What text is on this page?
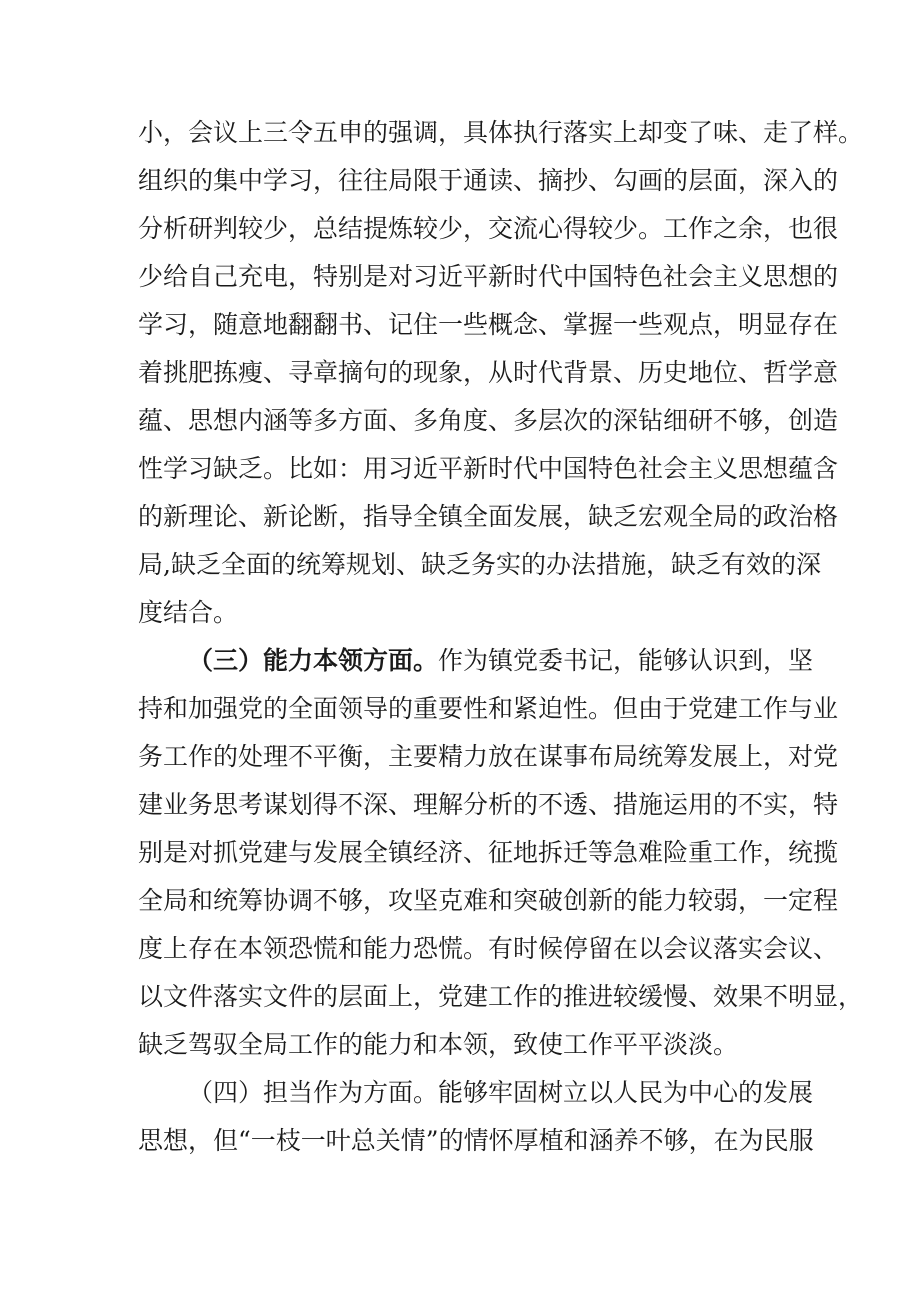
小，会议上三令五申的强调，具体执行落实上却变了味、走了样。
组织的集中学习，往往局限于通读、摘抄、勾画的层面，深入的
分析研判较少，总结提炼较少，交流心得较少。工作之余，也很
少给自己充电，特别是对习近平新时代中国特色社会主义思想的
学习，随意地翻翻书、记住一些概念、掌握一些观点，明显存在
着挑肥拣瘦、寻章摘句的现象，从时代背景、历史地位、哲学意
蕴、思想内涵等多方面、多角度、多层次的深钻细研不够，创造
性学习缺乏。比如：用习近平新时代中国特色社会主义思想蕴含
的新理论、新论断，指导全镇全面发展，缺乏宏观全局的政治格
局,缺乏全面的统筹规划、缺乏务实的办法措施，缺乏有效的深
度结合。
（三）能力本领方面。作为镇党委书记，能够认识到，坚
持和加强党的全面领导的重要性和紧迫性。但由于党建工作与业
务工作的处理不平衡，主要精力放在谋事布局统筹发展上，对党
建业务思考谋划得不深、理解分析的不透、措施运用的不实，特
别是对抓党建与发展全镇经济、征地拆迁等急难险重工作，统揽
全局和统筹协调不够，攻坚克难和突破创新的能力较弱，一定程
度上存在本领恐慌和能力恐慌。有时候停留在以会议落实会议、
以文件落实文件的层面上，党建工作的推进较缓慢、效果不明显，
缺乏驾驭全局工作的能力和本领，致使工作平平淡淡。
（四）担当作为方面。能够牢固树立以人民为中心的发展
思想，但“一枝一叶总关情”的情怀厚植和涵养不够，在为民服
